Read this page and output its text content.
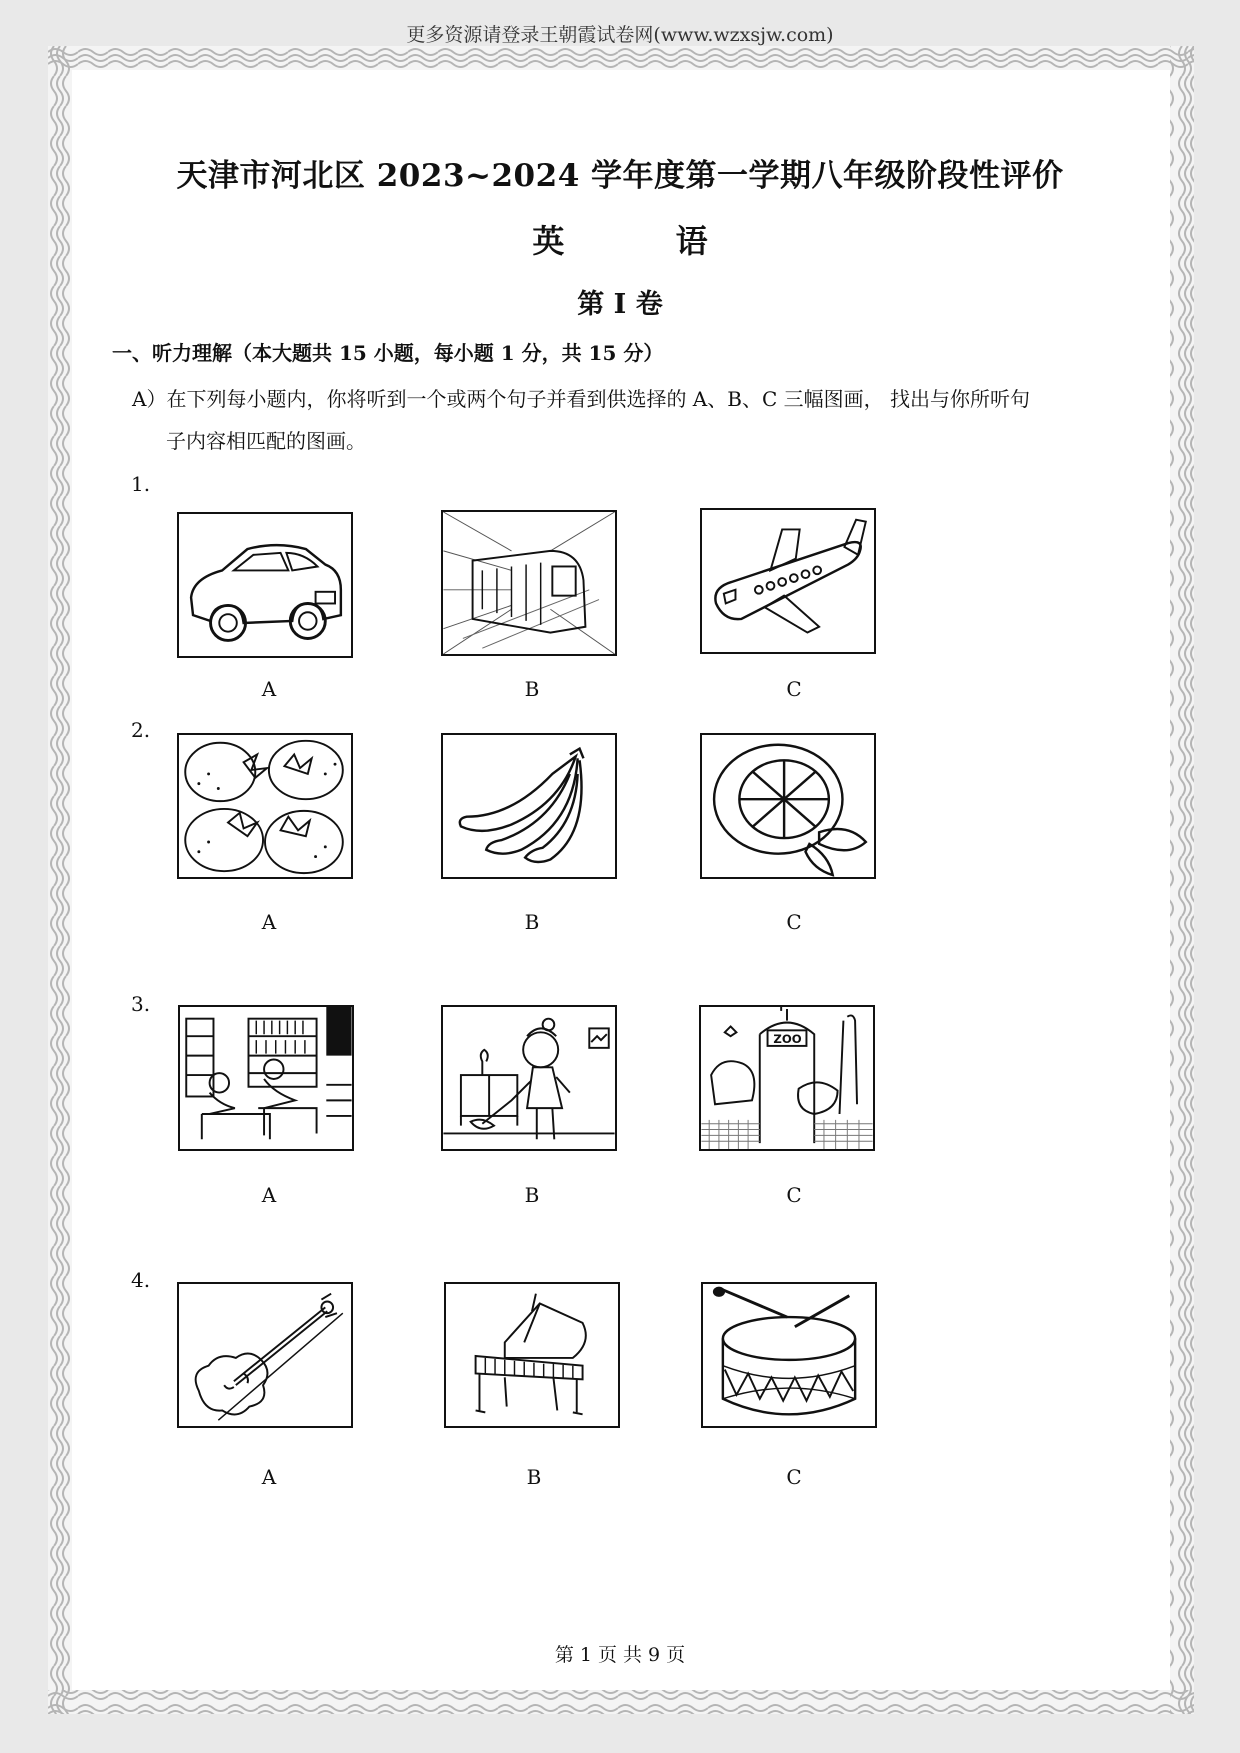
更多资源请登录王朝霞试卷网(www.wzxsjw.com)
天津市河北区 2023~2024 学年度第一学期八年级阶段性评价
英 语
第 I 卷
一、听力理解（本大题共 15 小题，每小题 1 分，共 15 分）
A）在下列每小题内，你将听到一个或两个句子并看到供选择的 A、B、C 三幅图画， 找出与你所听句
子内容相匹配的图画。
1.
A	B	C
2.
A	B	C
3.
ZOO
A	B	C
4.
A	B	C
第 1 页 共 9 页
